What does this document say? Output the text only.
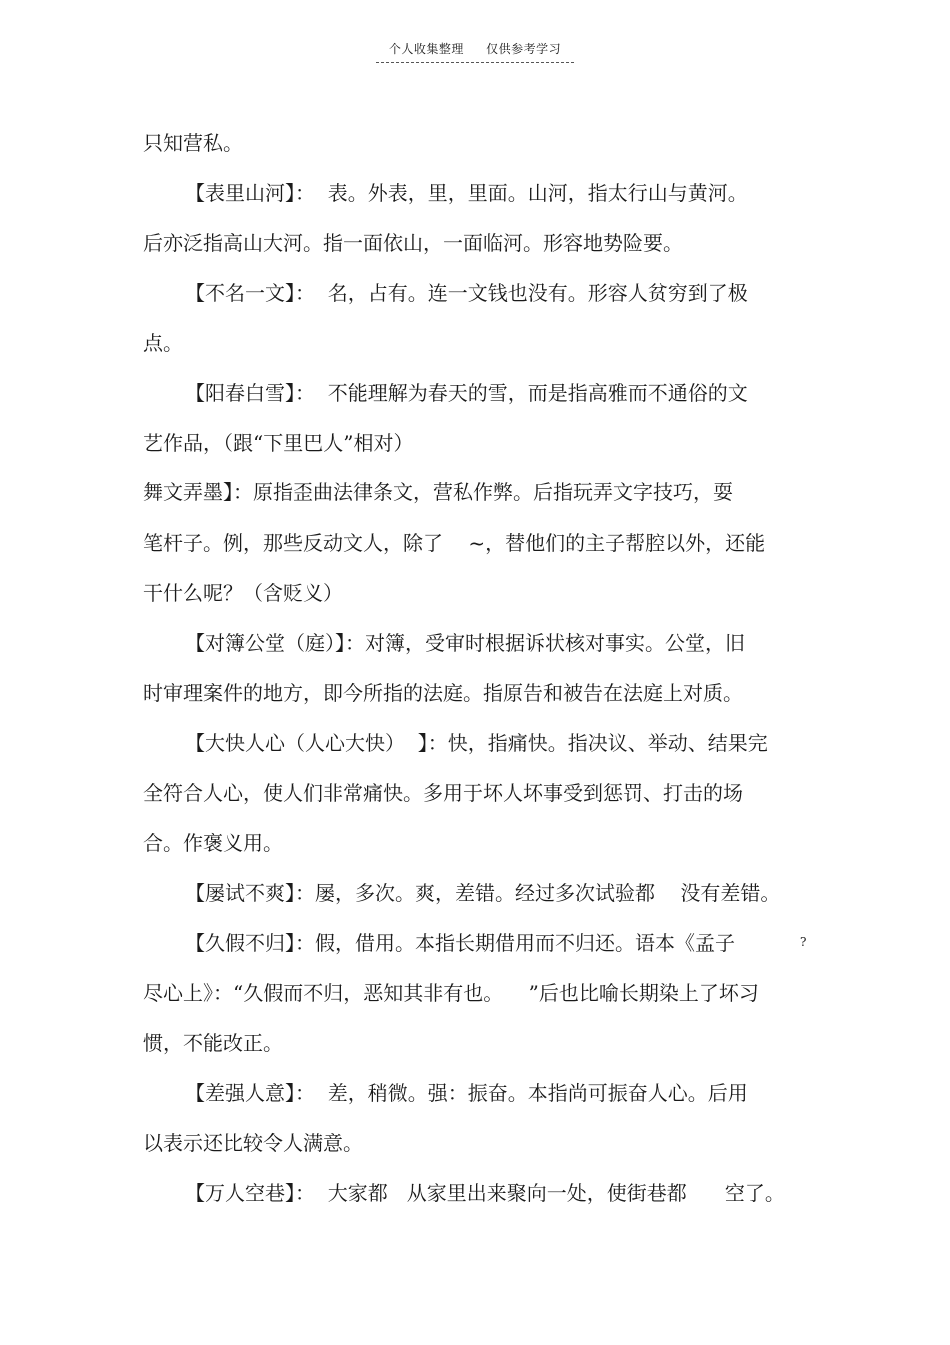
个人收集整理 仅供参考学习
只知营私。
【表里山河】：  表。外表，里，里面。山河，指太行山与黄河。
后亦泛指高山大河。指一面依山，一面临河。形容地势险要。
【不名一文】：  名，占有。连一文钱也没有。形容人贫穷到了极
点。
【阳春白雪】：  不能理解为春天的雪，而是指高雅而不通俗的文
艺作品，（跟“下里巴人”相对）
舞文弄墨】：原指歪曲法律条文，营私作弊。后指玩弄文字技巧，耍
笔杆子。例，那些反动文人，除了    ~，替他们的主子帮腔以外，还能
干什么呢？（含贬义）
【对簿公堂（庭）】：对簿，受审时根据诉状核对事实。公堂，旧
时审理案件的地方，即今所指的法庭。指原告和被告在法庭上对质。
【大快人心（人心大快）  】：快，指痛快。指决议、举动、结果完
全符合人心，使人们非常痛快。多用于坏人坏事受到惩罚、打击的场
合。作褒义用。
【屡试不爽】：屡，多次。爽，差错。经过多次试验都    没有差错。
【久假不归】：假，借用。本指长期借用而不归还。语本《孟子
尽心上》：“久假而不归，恶知其非有也。    ”后也比喻长期染上了坏习
惯，不能改正。
【差强人意】：  差，稍微。强：振奋。本指尚可振奋人心。后用
以表示还比较令人满意。
【万人空巷】：  大家都   从家里出来聚向一处，使街巷都      空了。
?
